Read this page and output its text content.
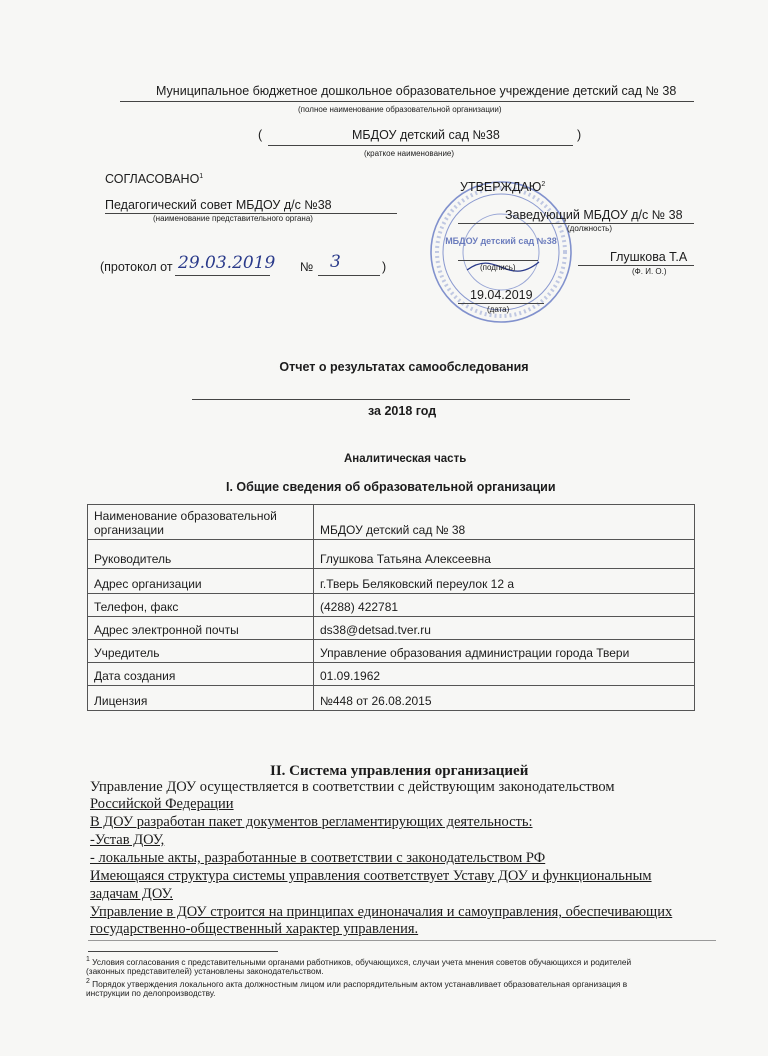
Муниципальное бюджетное дошкольное образовательное учреждение детский сад № 38
(полное наименование образовательной организации)
(	МБДОУ детский сад №38	)
(краткое наименование)
СОГЛАСОВАНО$^1$
Педагогический совет МБДОУ д/с №38
(наименование представительного органа)
(протокол от 29.03.2019 № 3	)
МБДОУ детский сад №38
УТВЕРЖДАЮ$^2$
Заведующий МБДОУ д/с № 38
(должность)
(подпись)
Глушкова Т.А
(Ф. И. О.)
19.04.2019
(дата)
Отчет о результатах самообследования
за 2018 год
Аналитическая часть
I. Общие сведения об образовательной организации
Наименование образовательной организации	МБДОУ детский сад № 38
Руководитель	Глушкова Татьяна Алексеевна
Адрес организации	г.Тверь Беляковский переулок 12 а
Телефон, факс	(4288) 422781
Адрес электронной почты	ds38@detsad.tver.ru
Учредитель	Управление образования администрации города Твери
Дата создания	01.09.1962
Лицензия	№448 от 26.08.2015
II. Система управления организацией
Управление ДОУ осуществляется в соответствии с действующим законодательством
Российской Федерации
В ДОУ разработан пакет документов регламентирующих деятельность:
-Устав ДОУ,
- локальные акты, разработанные в соответствии с законодательством РФ
Имеющаяся структура системы управления соответствует Уставу ДОУ и функциональным
задачам ДОУ.
Управление в ДОУ строится на принципах единоначалия и самоуправления, обеспечивающих
государственно-общественный характер управления.
$^1$ Условия согласования с представительными органами работников, обучающихся, случаи учета мнения советов обучающихся и родителей
(законных представителей) установлены законодательством.
$^2$ Порядок утверждения локального акта должностным лицом или распорядительным актом устанавливает образовательная организация в
инструкции по делопроизводству.
